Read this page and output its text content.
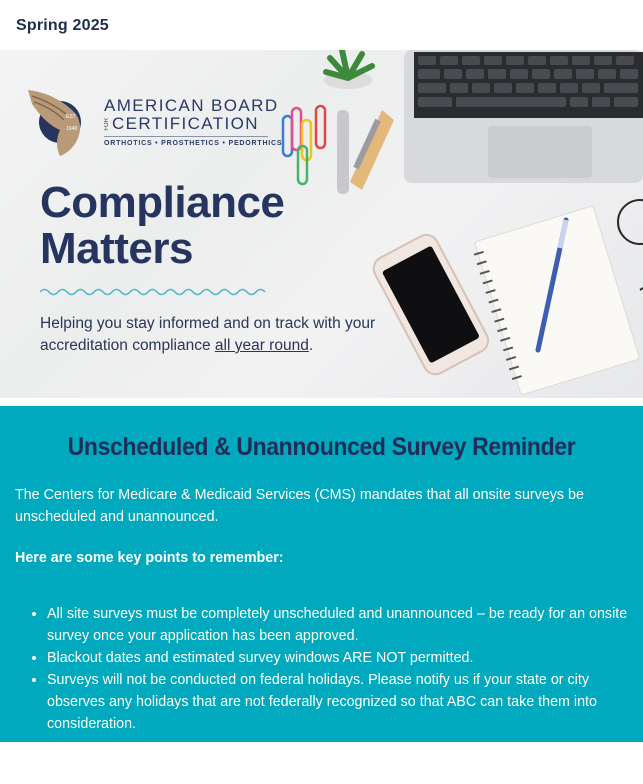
Spring 2025
EST
1948
AMERICAN BOARD
FOR CERTIFICATION
ORTHOTICS • PROSTHETICS • PEDORTHICS
Compliance
Matters
Helping you stay informed and on track with your accreditation compliance all year round.
Unscheduled & Unannounced Survey Reminder

The Centers for Medicare & Medicaid Services (CMS) mandates that all onsite surveys be unscheduled and unannounced.

Here are some key points to remember:
All site surveys must be completely unscheduled and unannounced – be ready for an onsite survey once your application has been approved.
Blackout dates and estimated survey windows ARE NOT permitted.
Surveys will not be conducted on federal holidays. Please notify us if your state or city observes any holidays that are not federally recognized so that ABC can take them into consideration.
